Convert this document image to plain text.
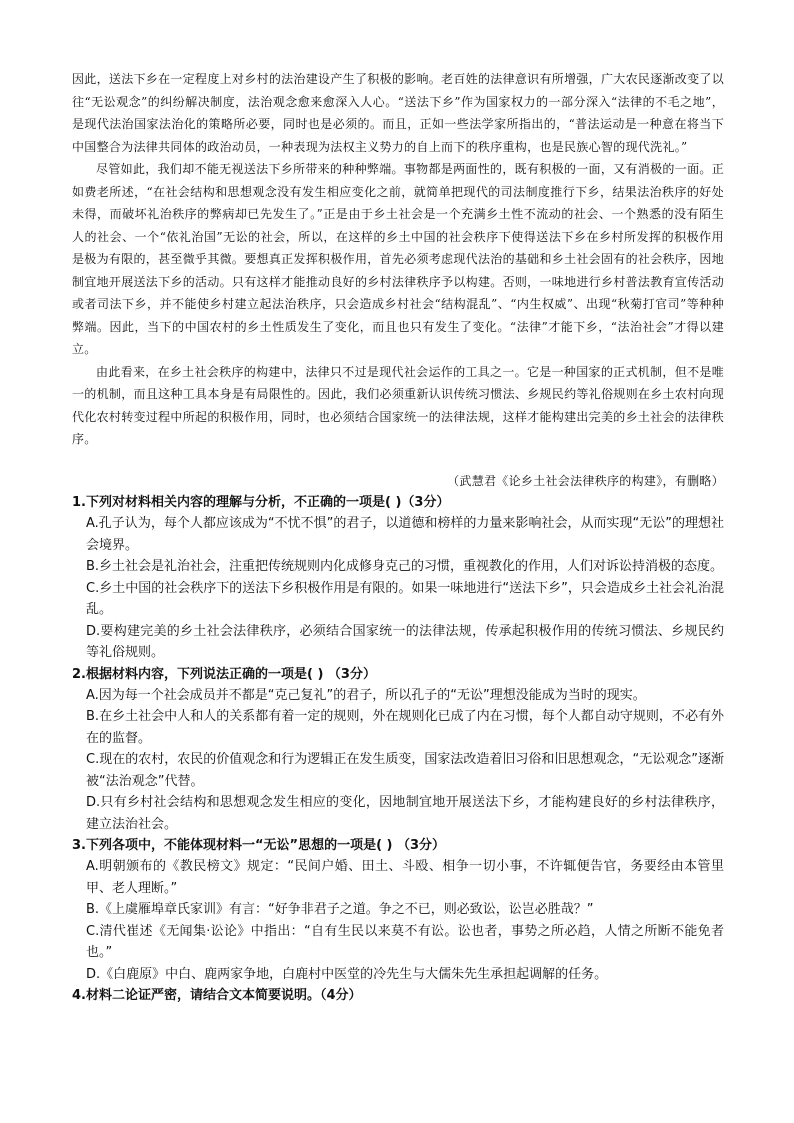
因此，送法下乡在一定程度上对乡村的法治建设产生了积极的影响。老百姓的法律意识有所增强，广大农民逐渐改变了以往“无讼观念”的纠纷解决制度，法治观念愈来愈深入人心。“送法下乡”作为国家权力的一部分深入“法律的不毛之地”，是现代法治国家法治化的策略所必要，同时也是必须的。而且，正如一些法学家所指出的，“普法运动是一种意在将当下中国整合为法律共同体的政治动员，一种表现为法权主义势力的自上而下的秩序重构，也是民族心智的现代洗礼。”

尽管如此，我们却不能无视送法下乡所带来的种种弊端。事物都是两面性的，既有积极的一面，又有消极的一面。正如费老所述，“在社会结构和思想观念没有发生相应变化之前，就简单把现代的司法制度推行下乡，结果法治秩序的好处未得，而破坏礼治秩序的弊病却已先发生了。”正是由于乡土社会是一个充满乡土性不流动的社会、一个熟悉的没有陌生人的社会、一个“依礼治国”无讼的社会，所以，在这样的乡土中国的社会秩序下使得送法下乡在乡村所发挥的积极作用是极为有限的，甚至微乎其微。要想真正发挥积极作用，首先必须考虑现代法治的基础和乡土社会固有的社会秩序，因地制宜地开展送法下乡的活动。只有这样才能推动良好的乡村法律秩序予以构建。否则，一味地进行乡村普法教育宣传活动或者司法下乡，并不能使乡村建立起法治秩序，只会造成乡村社会“结构混乱”、“内生权威”、出现“秋菊打官司”等种种弊端。因此，当下的中国农村的乡土性质发生了变化，而且也只有发生了变化。“法律”才能下乡，“法治社会”才得以建立。

由此看来，在乡土社会秩序的构建中，法律只不过是现代社会运作的工具之一。它是一种国家的正式机制，但不是唯一的机制，而且这种工具本身是有局限性的。因此，我们必须重新认识传统习惯法、乡规民约等礼俗规则在乡土农村向现代化农村转变过程中所起的积极作用，同时，也必须结合国家统一的法律法规，这样才能构建出完美的乡土社会的法律秩序。

（武慧君《论乡土社会法律秩序的构建》，有删略）

1.下列对材料相关内容的理解与分析，不正确的一项是( )（3分）

A.孔子认为，每个人都应该成为“不忧不惧”的君子，以道德和榜样的力量来影响社会，从而实现“无讼”的理想社会境界。

B.乡土社会是礼治社会，注重把传统规则内化成修身克己的习惯，重视教化的作用，人们对诉讼持消极的态度。

C.乡土中国的社会秩序下的送法下乡积极作用是有限的。如果一味地进行“送法下乡”，只会造成乡土社会礼治混乱。

D.要构建完美的乡土社会法律秩序，必须结合国家统一的法律法规，传承起积极作用的传统习惯法、乡规民约等礼俗规则。

2.根据材料内容，下列说法正确的一项是( ) （3分）

A.因为每一个社会成员并不都是“克己复礼”的君子，所以孔子的“无讼”理想没能成为当时的现实。

B.在乡土社会中人和人的关系都有着一定的规则，外在规则化已成了内在习惯，每个人都自动守规则，不必有外在的监督。

C.现在的农村，农民的价值观念和行为逻辑正在发生质变，国家法改造着旧习俗和旧思想观念，“无讼观念”逐渐被“法治观念”代替。

D.只有乡村社会结构和思想观念发生相应的变化，因地制宜地开展送法下乡，才能构建良好的乡村法律秩序，建立法治社会。

3.下列各项中，不能体现材料一“无讼”思想的一项是( ) （3分）

A.明朝颁布的《教民榜文》规定：“民间户婚、田土、斗殴、相争一切小事，不许辄便告官，务要经由本管里甲、老人理断。”

B.《上虞雁埠章氏家训》有言：“好争非君子之道。争之不已，则必致讼，讼岂必胜哉？”

C.清代崔述《无闻集·讼论》中指出：“自有生民以来莫不有讼。讼也者，事势之所必趋，人情之所断不能免者也。”

D.《白鹿原》中白、鹿两家争地，白鹿村中医堂的冷先生与大儒朱先生承担起调解的任务。

4.材料二论证严密，请结合文本简要说明。（4分）
